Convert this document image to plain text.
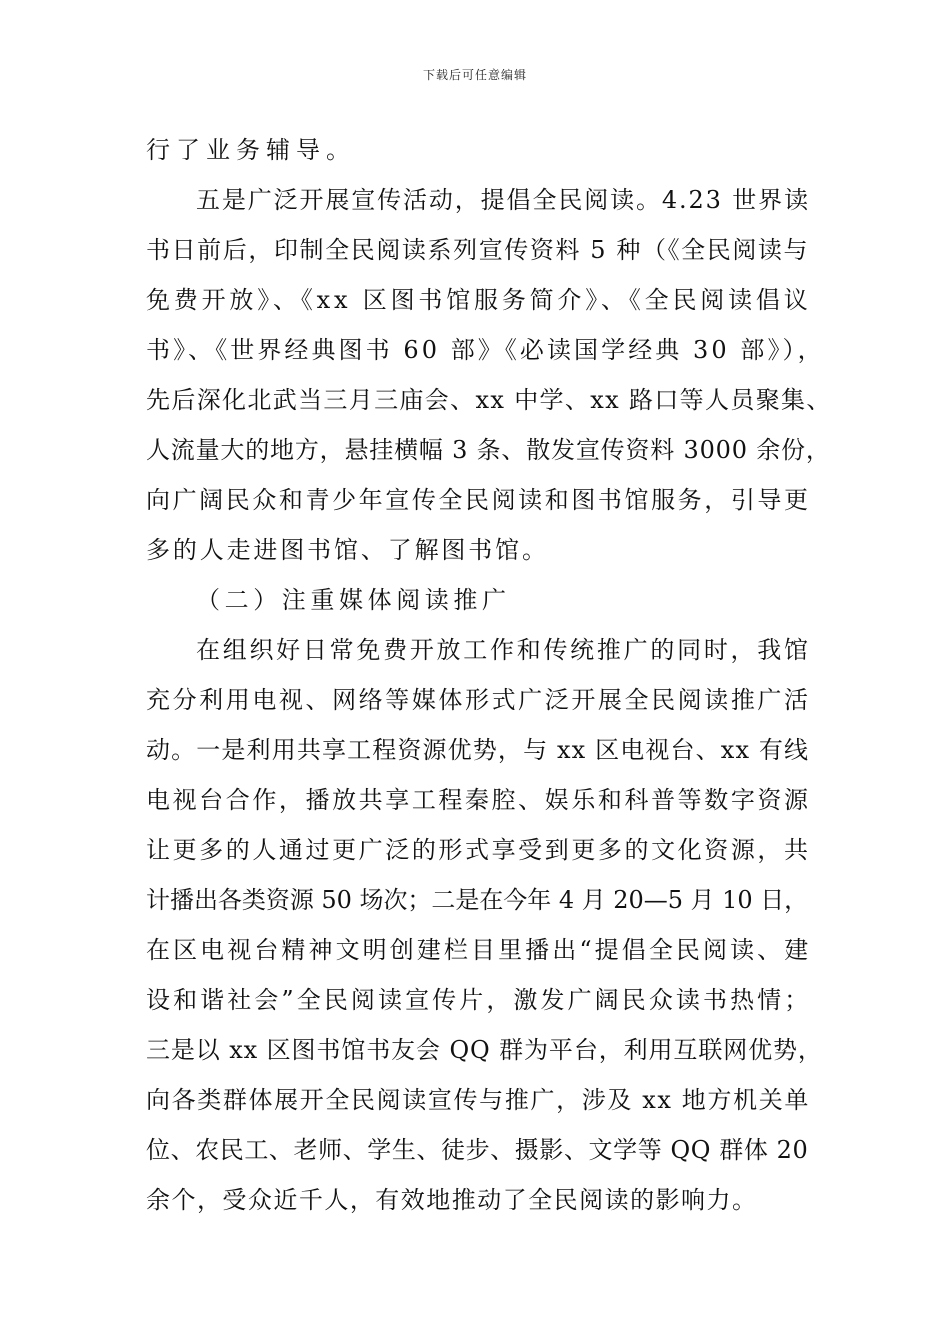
下载后可任意编辑
行了业务辅导。
五是广泛开展宣传活动，提倡全民阅读。4.23 世界读
书日前后，印制全民阅读系列宣传资料 5 种（《全民阅读与
免费开放》、《xx 区图书馆服务简介》、《全民阅读倡议
书》、《世界经典图书 60 部》《必读国学经典 30 部》），
先后深化北武当三月三庙会、xx 中学、xx 路口等人员聚集、
人流量大的地方，悬挂横幅 3 条、散发宣传资料 3000 余份，
向广阔民众和青少年宣传全民阅读和图书馆服务，引导更
多的人走进图书馆、了解图书馆。
（二）注重媒体阅读推广
在组织好日常免费开放工作和传统推广的同时，我馆
充分利用电视、网络等媒体形式广泛开展全民阅读推广活
动。一是利用共享工程资源优势，与 xx 区电视台、xx 有线
电视台合作，播放共享工程秦腔、娱乐和科普等数字资源
让更多的人通过更广泛的形式享受到更多的文化资源，共
计播出各类资源 50 场次；二是在今年 4 月 20—5 月 10 日，
在区电视台精神文明创建栏目里播出“提倡全民阅读、建
设和谐社会”全民阅读宣传片，激发广阔民众读书热情；
三是以 xx 区图书馆书友会 QQ 群为平台，利用互联网优势，
向各类群体展开全民阅读宣传与推广，涉及 xx 地方机关单
位、农民工、老师、学生、徒步、摄影、文学等 QQ 群体 20
余个，受众近千人，有效地推动了全民阅读的影响力。
